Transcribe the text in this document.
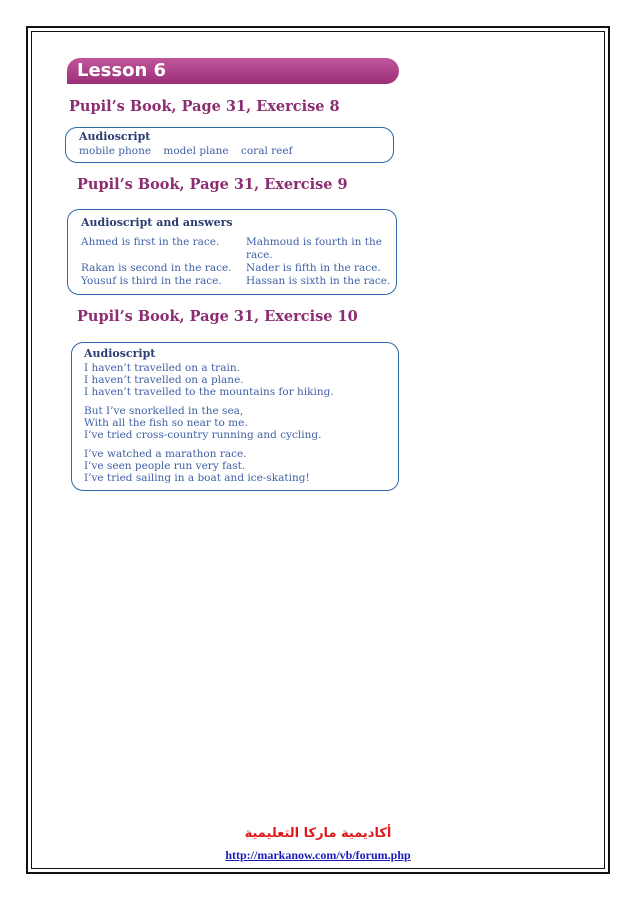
Lesson 6
Pupil’s Book, Page 31, Exercise 8
Audioscript
mobile phone model plane coral reef
Pupil’s Book, Page 31, Exercise 9
Audioscript and answers
Ahmed is first in the race.
Rakan is second in the race.
Yousuf is third in the race.
Mahmoud is fourth in the
race.
Nader is fifth in the race.
Hassan is sixth in the race.
Pupil’s Book, Page 31, Exercise 10
Audioscript
I haven’t travelled on a train.
I haven’t travelled on a plane.
I haven’t travelled to the mountains for hiking.
But I’ve snorkelled in the sea,
With all the fish so near to me.
I’ve tried cross-country running and cycling.
I’ve watched a marathon race.
I’ve seen people run very fast.
I’ve tried sailing in a boat and ice-skating!
أكاديمية ماركا التعليمية
http://markanow.com/vb/forum.php
